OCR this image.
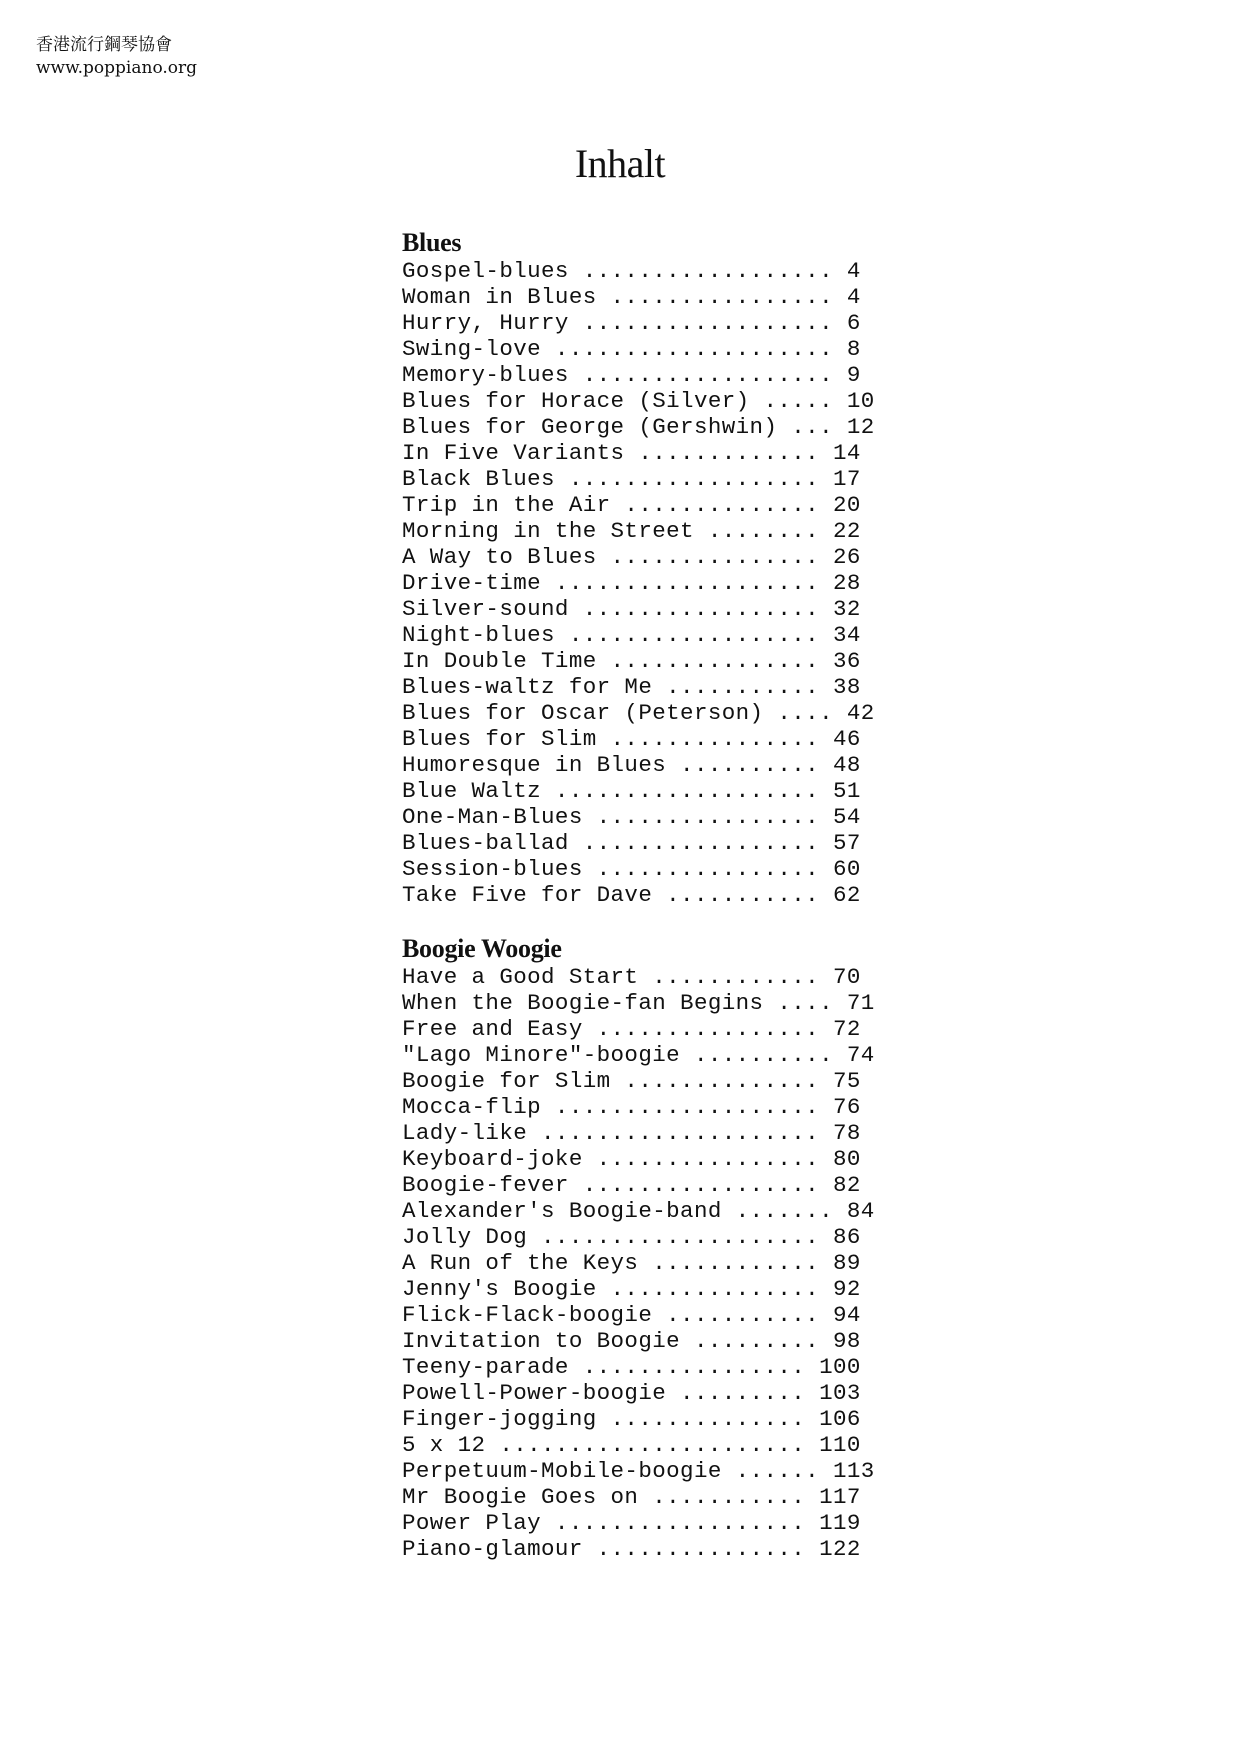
香港流行鋼琴協會
www.poppiano.org
Inhalt
Blues
Gospel-blues .................. 4
Woman in Blues ................ 4
Hurry, Hurry .................. 6
Swing-love .................... 8
Memory-blues .................. 9
Blues for Horace (Silver) ..... 10
Blues for George (Gershwin) ... 12
In Five Variants ............. 14
Black Blues .................. 17
Trip in the Air .............. 20
Morning in the Street ........ 22
A Way to Blues ............... 26
Drive-time ................... 28
Silver-sound ................. 32
Night-blues .................. 34
In Double Time ............... 36
Blues-waltz for Me ........... 38
Blues for Oscar (Peterson) .... 42
Blues for Slim ............... 46
Humoresque in Blues .......... 48
Blue Waltz ................... 51
One-Man-Blues ................ 54
Blues-ballad ................. 57
Session-blues ................ 60
Take Five for Dave ........... 62
Boogie Woogie
Have a Good Start ............ 70
When the Boogie-fan Begins .... 71
Free and Easy ................ 72
"Lago Minore"-boogie .......... 74
Boogie for Slim .............. 75
Mocca-flip ................... 76
Lady-like .................... 78
Keyboard-joke ................ 80
Boogie-fever ................. 82
Alexander's Boogie-band ....... 84
Jolly Dog .................... 86
A Run of the Keys ............ 89
Jenny's Boogie ............... 92
Flick-Flack-boogie ........... 94
Invitation to Boogie ......... 98
Teeny-parade ................ 100
Powell-Power-boogie ......... 103
Finger-jogging .............. 106
5 x 12 ...................... 110
Perpetuum-Mobile-boogie ...... 113
Mr Boogie Goes on ........... 117
Power Play .................. 119
Piano-glamour ............... 122
